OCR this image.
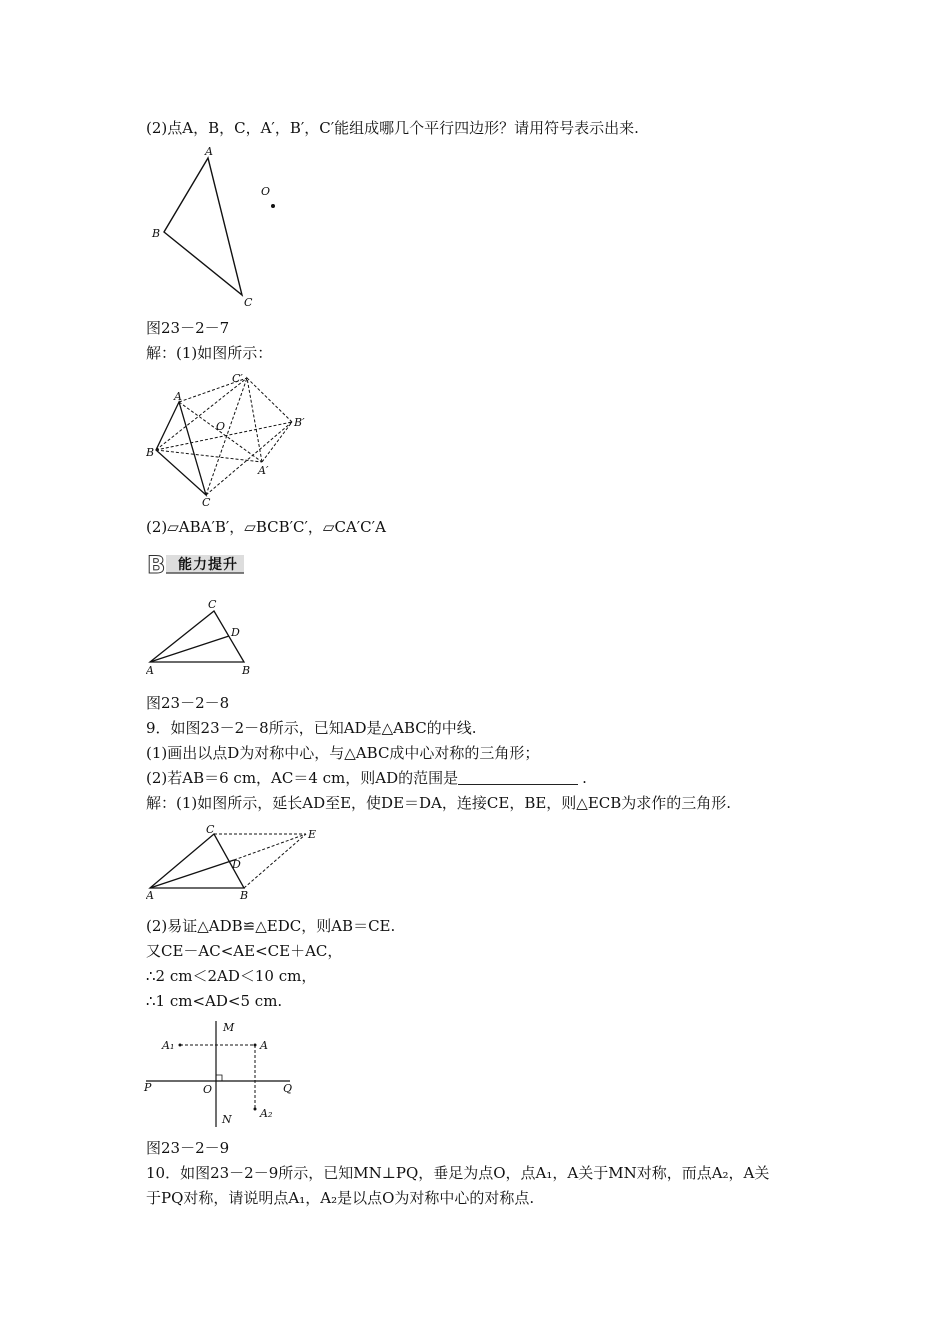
(2)点A，B，C，A′，B′，C′能组成哪几个平行四边形？请用符号表示出来.
A
B
C
O
图23－2－7
解：(1)如图所示：
A
B
C
O
A′
B′
C′
(2)▱ABA′B′，▱BCB′C′，▱CA′C′A
B 能力提升
A	B
C
D
图23－2－8
9．如图23－2－8所示，已知AD是△ABC的中线.
(1)画出以点D为对称中心，与△ABC成中心对称的三角形；
(2)若AB＝6 cm，AC＝4 cm，则AD的范围是	.
解：(1)如图所示，延长AD至E，使DE＝DA，连接CE，BE，则△ECB为求作的三角形.
A	B
C
D
E
(2)易证△ADB≌△EDC，则AB＝CE.
又CE－AC<AE<CE＋AC，
∴2 cm＜2AD＜10 cm，
∴1 cm<AD<5 cm.
M
N
P	Q
O
A
A₁
A₂
图23－2－9
10．如图23－2－9所示，已知MN⊥PQ，垂足为点O，点A₁，A关于MN对称，而点A₂，A关
于PQ对称，请说明点A₁，A₂是以点O为对称中心的对称点.
